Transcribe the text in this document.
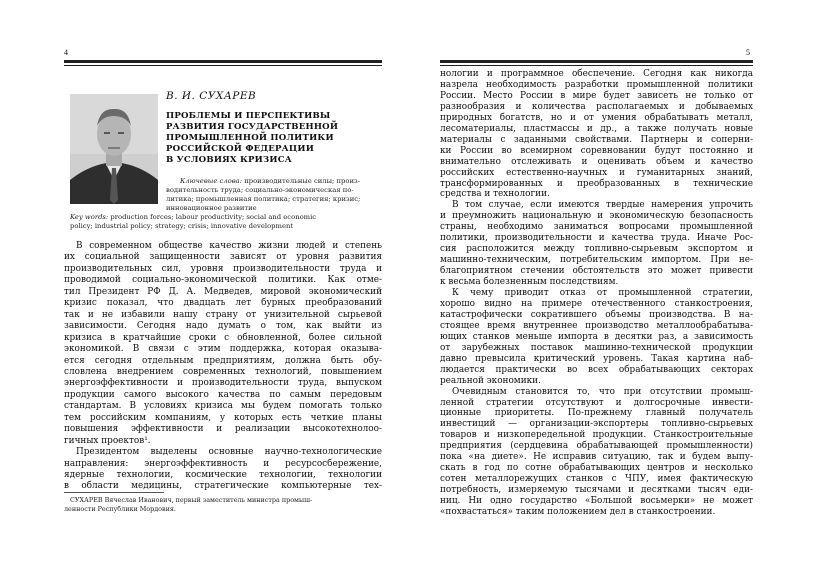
4
В. И. СУХАРЕВ
ПРОБЛЕМЫ И ПЕРСПЕКТИВЫ
РАЗВИТИЯ ГОСУДАРСТВЕННОЙ
ПРОМЫШЛЕННОЙ ПОЛИТИКИ
РОССИЙСКОЙ ФЕДЕРАЦИИ
В УСЛОВИЯХ КРИЗИСА
Ключевые слова: производительные силы; произ-
водительность труда; социально-экономическая по-
литика; промышленная политика; стратегия; кризис;
инновационное развитие
Key words: production forces; labour productivity; social and economic
policy; industrial policy; strategy; crisis; innovative development
В современном обществе качество жизни людей и степень
их социальной защищенности зависят от уровня развития
производительных сил, уровня производительности труда и
проводимой социально-экономической политики. Как отме-
тил Президент РФ Д. А. Медведев, мировой экономический
кризис показал, что двадцать лет бурных преобразований
так и не избавили нашу страну от унизительной сырьевой
зависимости. Сегодня надо думать о том, как выйти из
кризиса в кратчайшие сроки с обновленной, более сильной
экономикой. В связи с этим поддержка, которая оказыва-
ется сегодня отдельным предприятиям, должна быть обу-
словлена внедрением современных технологий, повышением
энергоэффективности и производительности труда, выпуском
продукции самого высокого качества по самым передовым
стандартам. В условиях кризиса мы будем помогать только
тем российским компаниям, у которых есть четкие планы
повышения эффективности и реализации высокотехнолоо-
гичных проектов¹.
Президентом выделены основные научно-технологические
направления: энергоэффективность и ресурсосбережение,
ядерные технологии, космические технологии, технологии
в области медицины, стратегические компьютерные тех-
СУХАРЕВ Вячеслав Иванович, первый заместитель министра промыш-
ленности Республики Мордовия.
5
нологии и программное обеспечение. Сегодня как никогда
назрела необходимость разработки промышленной политики
России. Место России в мире будет зависеть не только от
разнообразия и количества располагаемых и добываемых
природных богатств, но и от умения обрабатывать металл,
лесоматериалы, пластмассы и др., а также получать новые
материалы с заданными свойствами. Партнеры и соперни-
ки России во всемирном соревновании будут постоянно и
внимательно отслеживать и оценивать объем и качество
российских естественно-научных и гуманитарных знаний,
трансформированных и преобразованных в технические
средства и технологии.
В том случае, если имеются твердые намерения упрочить
и преумножить национальную и экономическую безопасность
страны, необходимо заниматься вопросами промышленной
политики, производительности и качества труда. Иначе Рос-
сия расположится между топливно-сырьевым экспортом и
машинно-техническим, потребительским импортом. При не-
благоприятном стечении обстоятельств это может привести
к весьма болезненным последствиям.
К чему приводит отказ от промышленной стратегии,
хорошо видно на примере отечественного станкостроения,
катастрофически сократившего объемы производства. В на-
стоящее время внутреннее производство металлообрабатыва-
ющих станков меньше импорта в десятки раз, а зависимость
от зарубежных поставок машинно-технической продукции
давно превысила критический уровень. Такая картина наб-
людается практически во всех обрабатывающих секторах
реальной экономики.
Очевидным становится то, что при отсутствии промыш-
ленной стратегии отсутствуют и долгосрочные инвести-
ционные приоритеты. По-прежнему главный получатель
инвестиций — организации-экспортеры топливно-сырьевых
товаров и низкопередельной продукции. Станкостроительные
предприятия (сердцевина обрабатывающей промышленности)
пока «на диете». Не исправив ситуацию, так и будем выпу-
скать в год по сотне обрабатывающих центров и несколько
сотен металлорежущих станков с ЧПУ, имея фактическую
потребность, измеряемую тысячами и десятками тысяч еди-
ниц. Ни одно государство «Большой восьмерки» не может
«похвастаться» таким положением дел в станкостроении.
